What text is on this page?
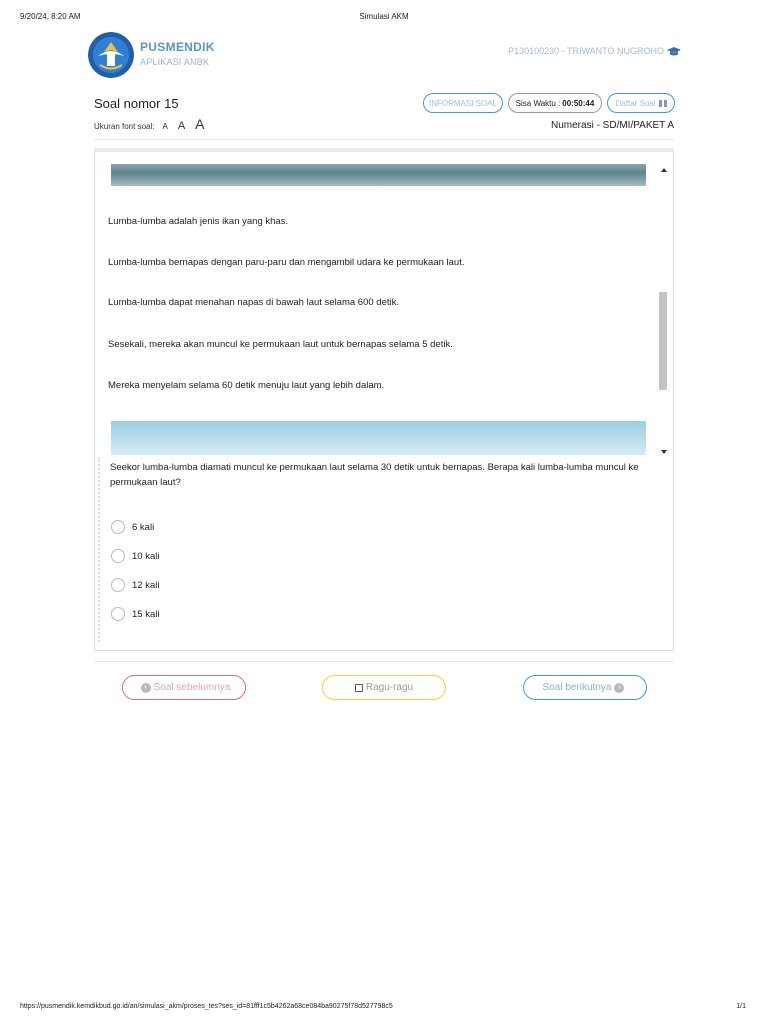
9/20/24, 8:20 AM	Simulasi AKM
PUSMENDIK
APLIKASI ANBK
P130100230 - TRIWANTO NUGROHO
Soal nomor 15
Ukuran font soal: A A A
INFORMASI SOAL Sisa Waktu : 00:50:44	Daftar Soal
Numerasi - SD/MI/PAKET A
Lumba-lumba adalah jenis ikan yang khas.
Lumba-lumba bernapas dengan paru-paru dan mengambil udara ke permukaan laut.
Lumba-lumba dapat menahan napas di bawah laut selama 600 detik.
Sesekali, mereka akan muncul ke permukaan laut untuk bernapas selama 5 detik.
Mereka menyelam selama 60 detik menuju laut yang lebih dalam.
Seekor lumba-lumba diamati muncul ke permukaan laut selama 30 detik untuk bernapas. Berapa kali lumba-lumba muncul ke permukaan laut?
6 kali
10 kali
12 kali
15 kali
‹ Soal sebelumnya	Ragu-ragu	Soal berikutnya ›
https://pusmendik.kemdikbud.go.id/an/simulasi_akm/proses_tes?ses_id=81fff1c5b4262a68ce084ba90275f78d527798c5	1/1
